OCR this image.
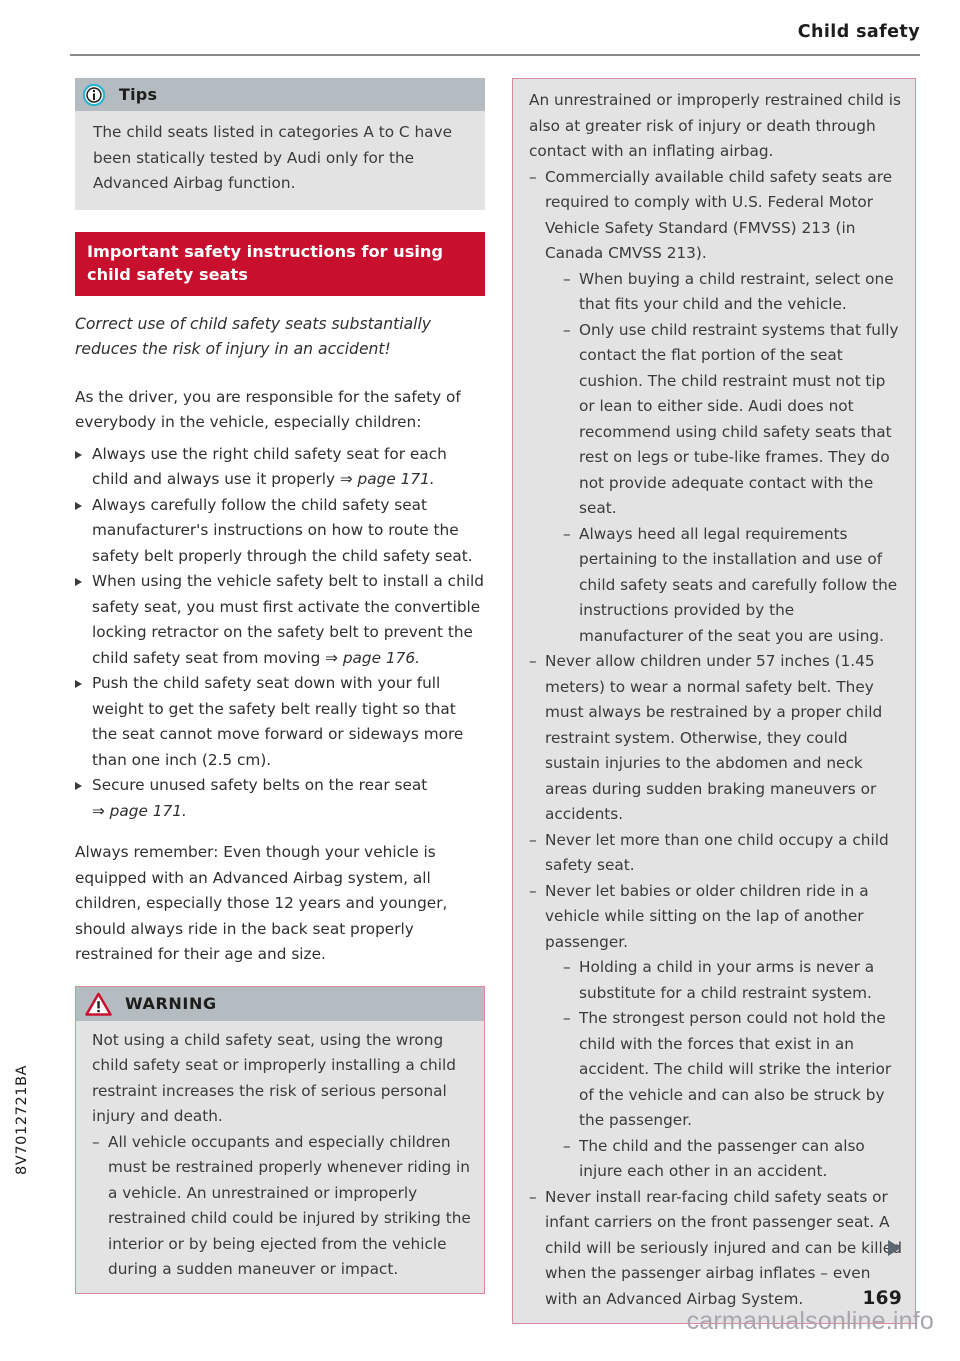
Child safety
Tips

The child seats listed in categories A to C have been statically tested by Audi only for the Advanced Airbag function.

Important safety instructions for using child safety seats

Correct use of child safety seats substantially reduces the risk of injury in an accident!

As the driver, you are responsible for the safety of everybody in the vehicle, especially children:

Always use the right child safety seat for each child and always use it properly ⇒ page 171.
Always carefully follow the child safety seat manufacturer's instructions on how to route the safety belt properly through the child safety seat.
When using the vehicle safety belt to install a child safety seat, you must first activate the convertible locking retractor on the safety belt to prevent the child safety seat from moving ⇒ page 176.
Push the child safety seat down with your full weight to get the safety belt really tight so that the seat cannot move forward or sideways more than one inch (2.5 cm).
Secure unused safety belts on the rear seat ⇒ page 171.

Always remember: Even though your vehicle is equipped with an Advanced Airbag system, all children, especially those 12 years and younger, should always ride in the back seat properly restrained for their age and size.

WARNING

Not using a child safety seat, using the wrong child safety seat or improperly installing a child restraint increases the risk of serious personal injury and death.

– All vehicle occupants and especially children must be restrained properly whenever riding in a vehicle. An unrestrained or improperly restrained child could be injured by striking the interior or by being ejected from the vehicle during a sudden maneuver or impact.

An unrestrained or improperly restrained child is also at greater risk of injury or death through contact with an inflating airbag.

– Commercially available child safety seats are required to comply with U.S. Federal Motor Vehicle Safety Standard (FMVSS) 213 (in Canada CMVSS 213).
– When buying a child restraint, select one that fits your child and the vehicle.
– Only use child restraint systems that fully contact the flat portion of the seat cushion. The child restraint must not tip or lean to either side. Audi does not recommend using child safety seats that rest on legs or tube-like frames. They do not provide adequate contact with the seat.
– Always heed all legal requirements pertaining to the installation and use of child safety seats and carefully follow the instructions provided by the manufacturer of the seat you are using.
– Never allow children under 57 inches (1.45 meters) to wear a normal safety belt. They must always be restrained by a proper child restraint system. Otherwise, they could sustain injuries to the abdomen and neck areas during sudden braking maneuvers or accidents.
– Never let more than one child occupy a child safety seat.
– Never let babies or older children ride in a vehicle while sitting on the lap of another passenger.
– Holding a child in your arms is never a substitute for a child restraint system.
– The strongest person could not hold the child with the forces that exist in an accident. The child will strike the interior of the vehicle and can also be struck by the passenger.
– The child and the passenger can also injure each other in an accident.
– Never install rear-facing child safety seats or infant carriers on the front passenger seat. A child will be seriously injured and can be killed when the passenger airbag inflates – even with an Advanced Airbag System.
8V7012721BA
169
carmanualsonline.info
